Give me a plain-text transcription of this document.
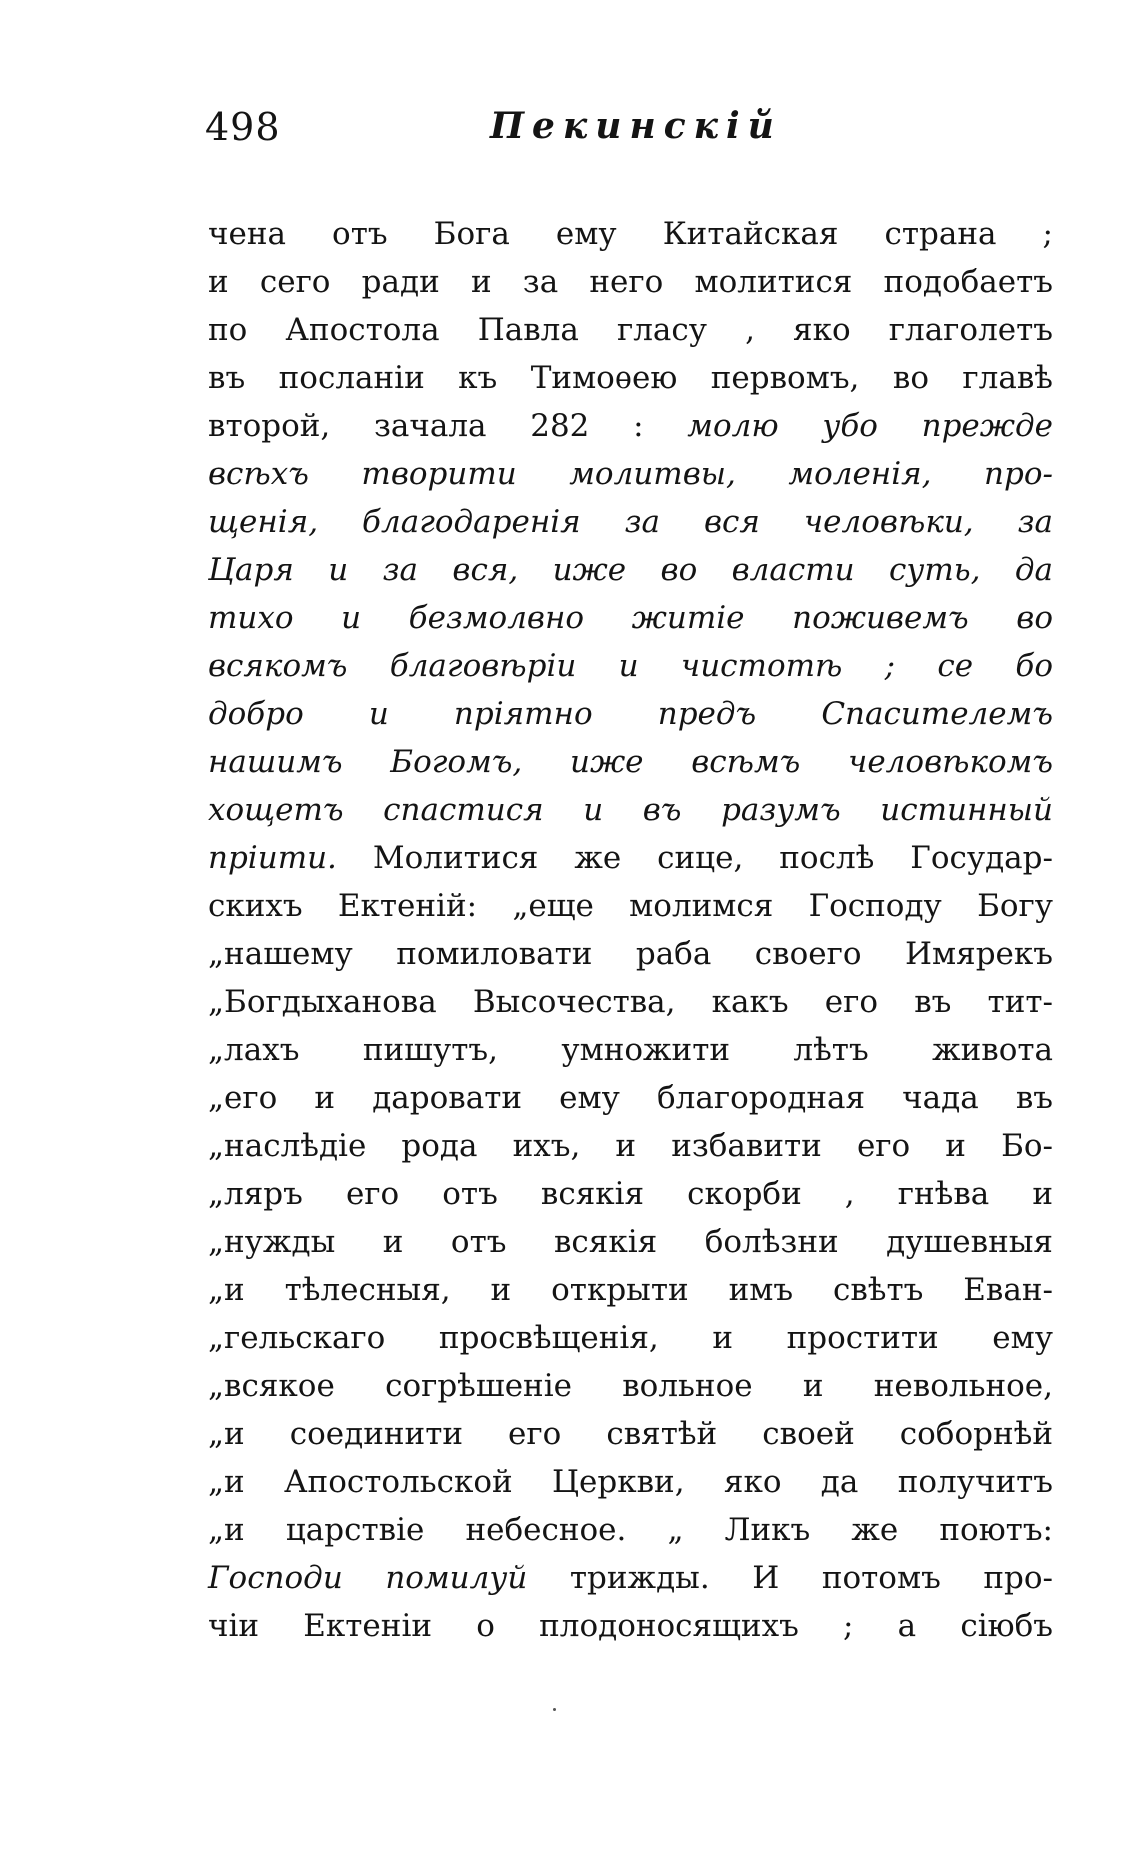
498	Пекинскій
чена отъ Бога ему Китайская страна ;
и сего ради и за него молитися подобаетъ
по Апостола Павла гласу , яко глаголетъ
въ посланіи къ Тимоѳею первомъ, во главѣ
второй, зачала 282 : молю убо прежде
всѣхъ творити молитвы, моленія, про-
щенія, благодаренія за вся человѣки, за
Царя и за вся, иже во власти суть, да
тихо и безмолвно житіе поживемъ во
всякомъ благовѣріи и чистотѣ ; се бо
добро и пріятно предъ Спасителемъ
нашимъ Богомъ, иже всѣмъ человѣкомъ
хощетъ спастися и въ разумъ истинный
пріити. Молитися же сице, послѣ Государ-
скихъ Ектеній: „еще молимся Господу Богу
„нашему помиловати раба своего Имярекъ
„Богдыханова Высочества, какъ его въ тит-
„лахъ пишутъ, умножити лѣтъ живота
„его и даровати ему благородная чада въ
„наслѣдіе рода ихъ, и избавити его и Бо-
„ляръ его отъ всякія скорби , гнѣва и
„нужды и отъ всякія болѣзни душевныя
„и тѣлесныя, и открыти имъ свѣтъ Еван-
„гельскаго просвѣщенія, и простити ему
„всякое согрѣшеніе вольное и невольное,
„и соединити его святѣй своей соборнѣй
„и Апостольской Церкви, яко да получитъ
„и царствіе небесное. „ Ликъ же поютъ:
Господи помилуй трижды. И потомъ про-
чіи Ектеніи о плодоносящихъ ; а сіюбъ
